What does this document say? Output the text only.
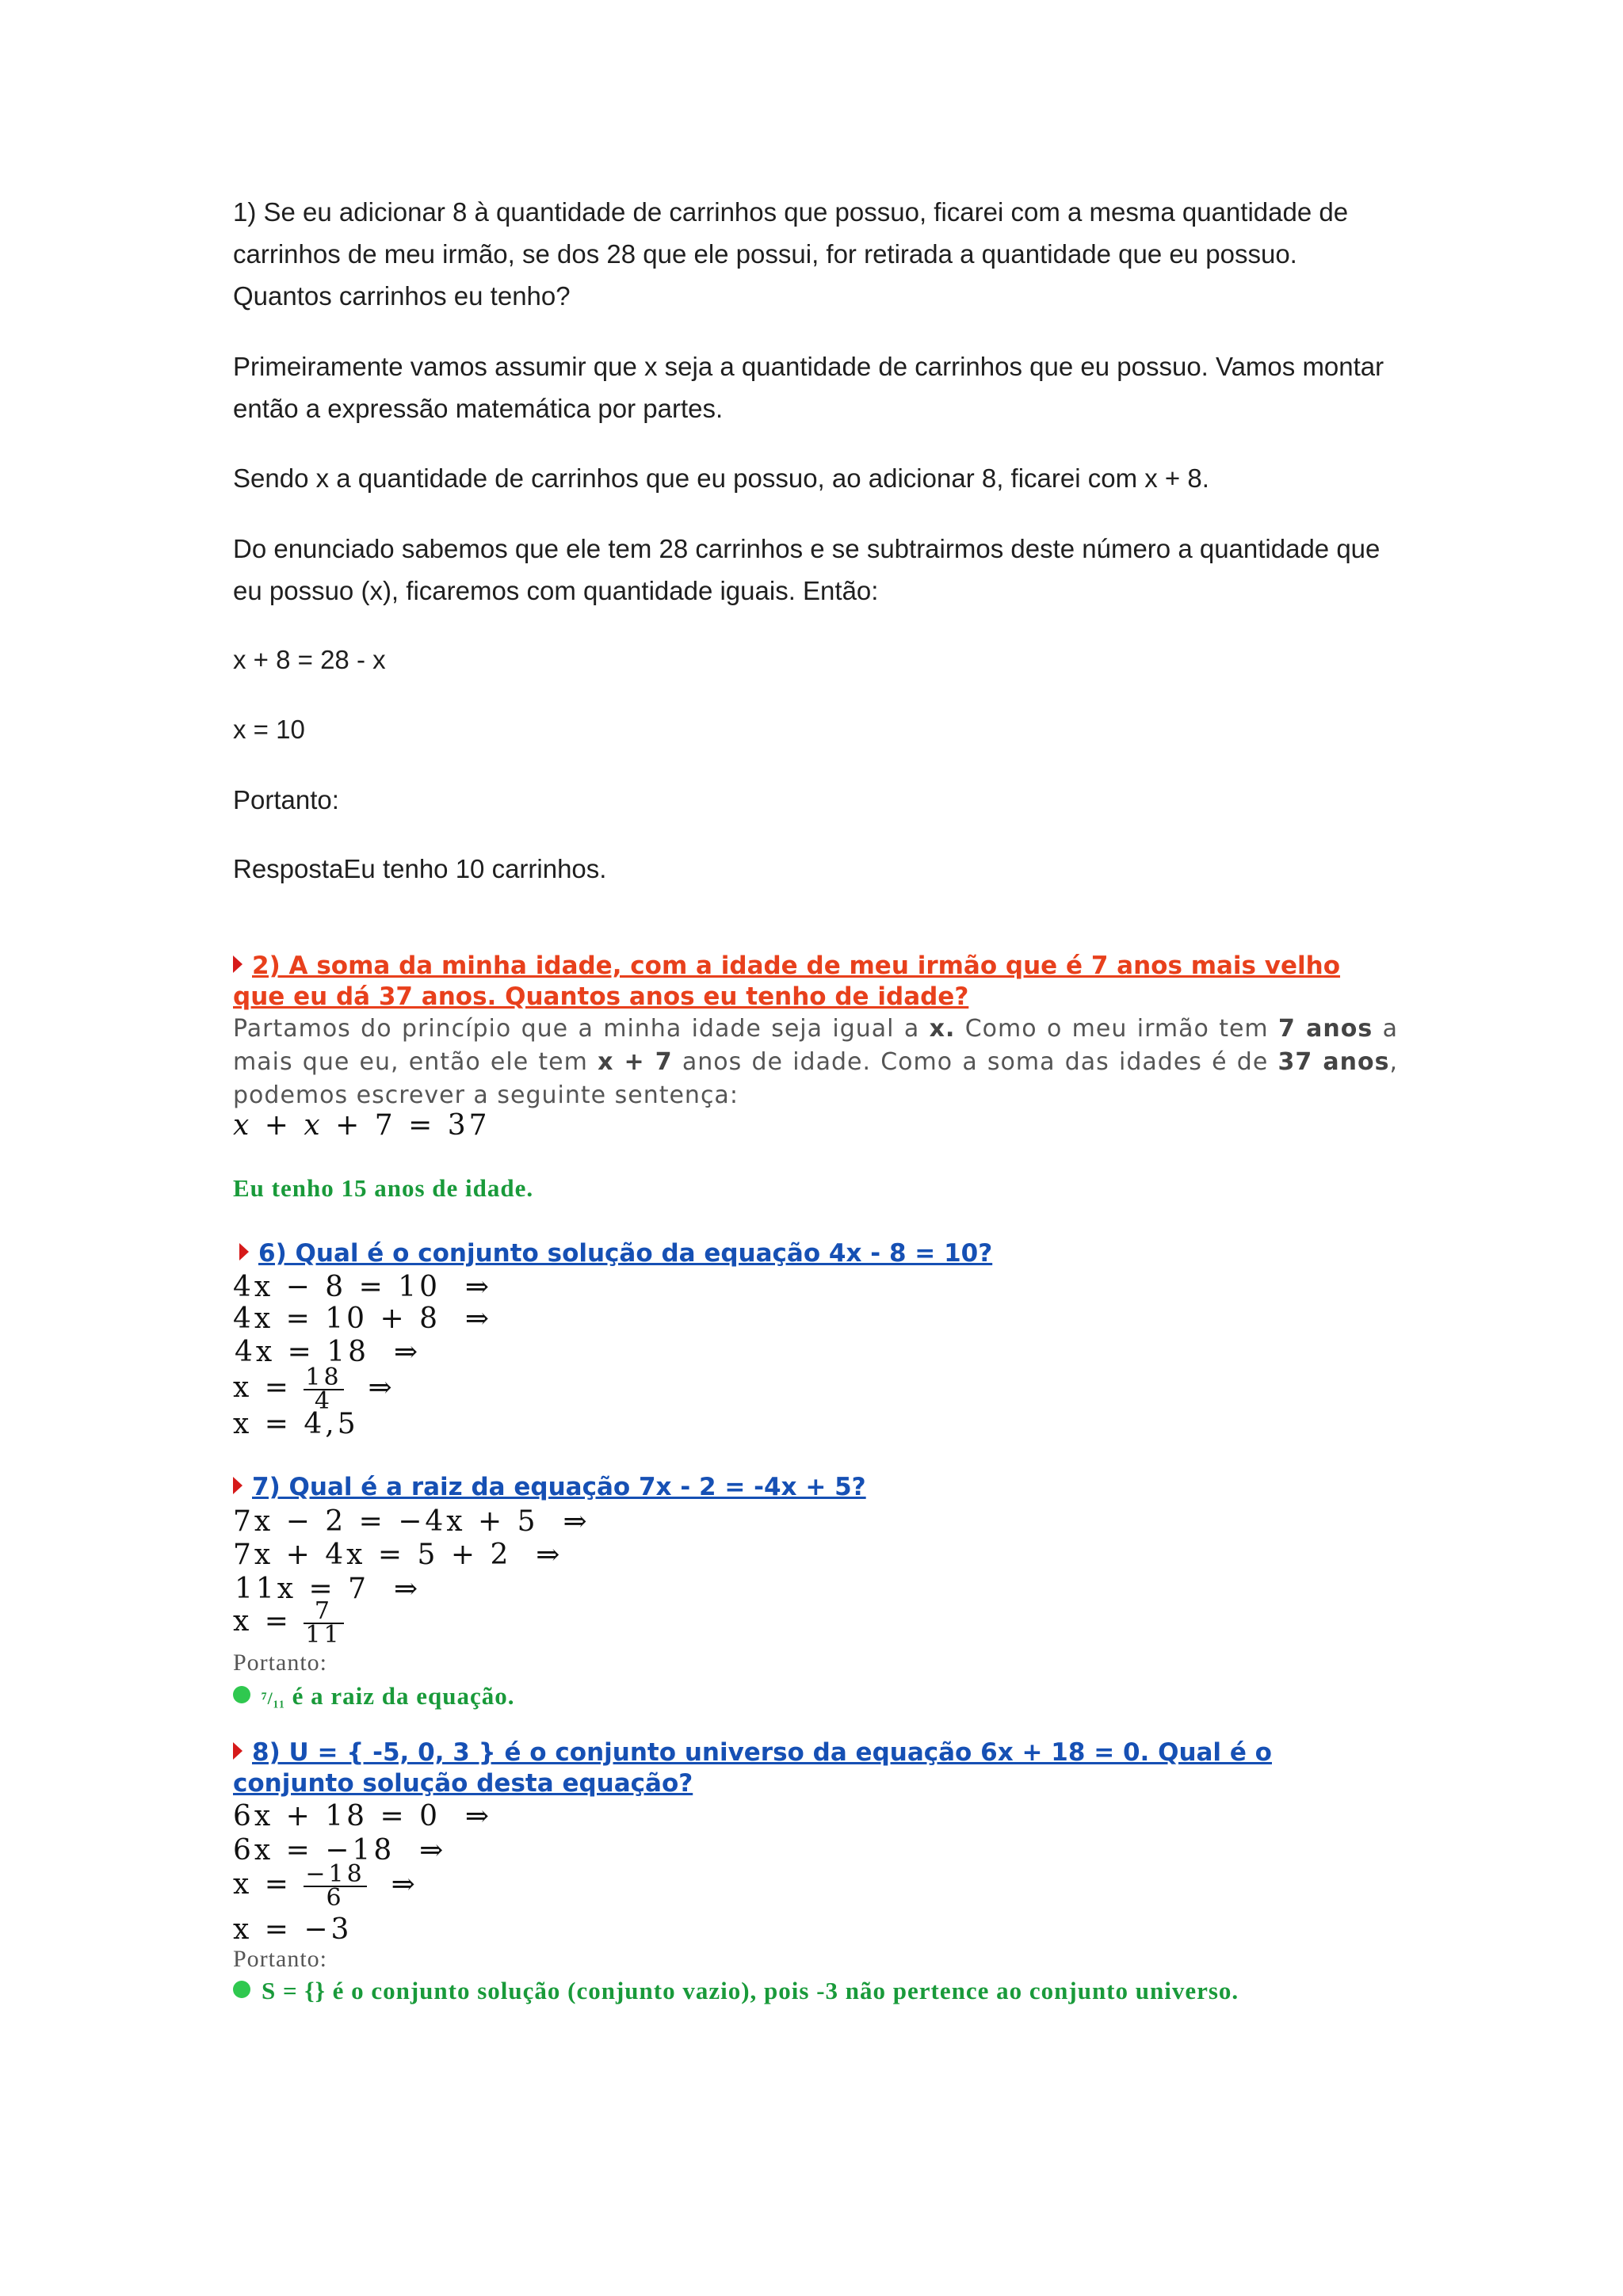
1) Se eu adicionar 8 à quantidade de carrinhos que possuo, ficarei com a mesma quantidade de carrinhos de meu irmão, se dos 28 que ele possui, for retirada a quantidade que eu possuo. Quantos carrinhos eu tenho?

Primeiramente vamos assumir que x seja a quantidade de carrinhos que eu possuo. Vamos montar então a expressão matemática por partes.

Sendo x a quantidade de carrinhos que eu possuo, ao adicionar 8, ficarei com x + 8.

Do enunciado sabemos que ele tem 28 carrinhos e se subtrairmos deste número a quantidade que eu possuo (x), ficaremos com quantidade iguais. Então:

x + 8 = 28 - x

x = 10

Portanto:

RespostaEu tenho 10 carrinhos.

2) A soma da minha idade, com a idade de meu irmão que é 7 anos mais velho que eu dá 37 anos. Quantos anos eu tenho de idade?

Partamos do princípio que a minha idade seja igual a x. Como o meu irmão tem 7 anos a mais que eu, então ele tem x + 7 anos de idade. Como a soma das idades é de 37 anos, podemos escrever a seguinte sentença:

x + x + 7 = 37

Eu tenho 15 anos de idade.

6) Qual é o conjunto solução da equação 4x - 8 = 10?

4x − 8 = 10 ⇒

4x = 10 + 8 ⇒

4x = 18 ⇒

$x = \frac{18}{4}$ ⇒

x = 4,5

7) Qual é a raiz da equação 7x - 2 = -4x + 5?

7x − 2 = −4x + 5 ⇒

7x + 4x = 5 + 2 ⇒

11x = 7 ⇒

$x = \frac{7}{11}$

Portanto:

⁷/₁₁ é a raiz da equação.

8) U = { -5, 0, 3 } é o conjunto universo da equação 6x + 18 = 0. Qual é o conjunto solução desta equação?

6x + 18 = 0 ⇒

6x = −18 ⇒

$x = \frac{-18}{6}$ ⇒

x = −3

Portanto:

S = {} é o conjunto solução (conjunto vazio), pois -3 não pertence ao conjunto universo.
